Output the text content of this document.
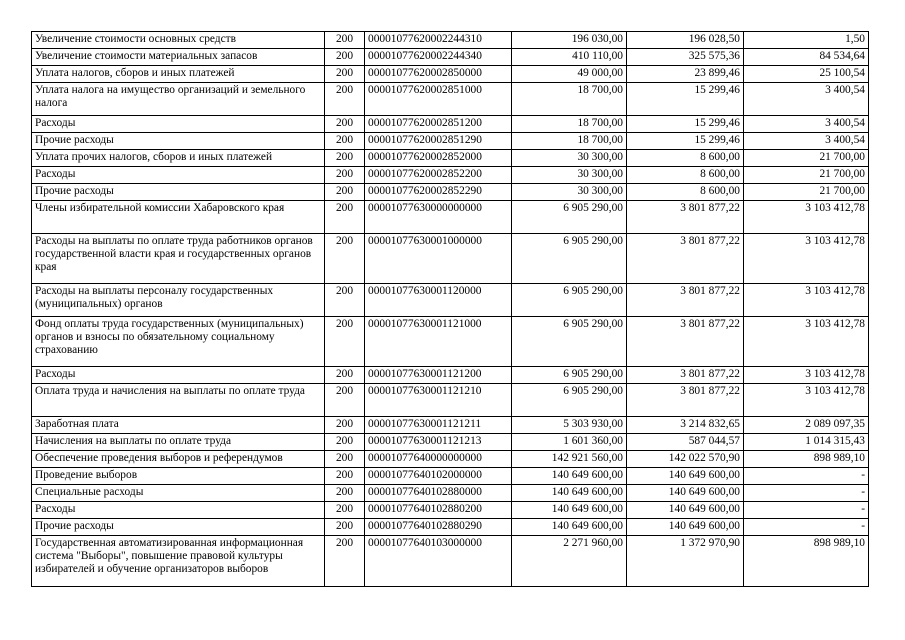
Увеличение стоимости основных средств	200	00001077620002244310	196 030,00	196 028,50	1,50
Увеличение стоимости материальных запасов	200	00001077620002244340	410 110,00	325 575,36	84 534,64
Уплата налогов, сборов и иных платежей	200	00001077620002850000	49 000,00	23 899,46	25 100,54
Уплата налога на имущество организаций и земельного налога	200	00001077620002851000	18 700,00	15 299,46	3 400,54
Расходы	200	00001077620002851200	18 700,00	15 299,46	3 400,54
Прочие расходы	200	00001077620002851290	18 700,00	15 299,46	3 400,54
Уплата прочих налогов, сборов и иных платежей	200	00001077620002852000	30 300,00	8 600,00	21 700,00
Расходы	200	00001077620002852200	30 300,00	8 600,00	21 700,00
Прочие расходы	200	00001077620002852290	30 300,00	8 600,00	21 700,00
Члены избирательной комиссии Хабаровского края	200	00001077630000000000	6 905 290,00	3 801 877,22	3 103 412,78
Расходы на выплаты по оплате труда работников органов государственной власти края и государственных органов края	200	00001077630001000000	6 905 290,00	3 801 877,22	3 103 412,78
Расходы на выплаты персоналу государственных (муниципальных) органов	200	00001077630001120000	6 905 290,00	3 801 877,22	3 103 412,78
Фонд оплаты труда государственных (муниципальных) органов и взносы по обязательному социальному страхованию	200	00001077630001121000	6 905 290,00	3 801 877,22	3 103 412,78
Расходы	200	00001077630001121200	6 905 290,00	3 801 877,22	3 103 412,78
Оплата труда и начисления на выплаты по оплате труда	200	00001077630001121210	6 905 290,00	3 801 877,22	3 103 412,78
Заработная плата	200	00001077630001121211	5 303 930,00	3 214 832,65	2 089 097,35
Начисления на выплаты по оплате труда	200	00001077630001121213	1 601 360,00	587 044,57	1 014 315,43
Обеспечение проведения выборов и референдумов	200	00001077640000000000	142 921 560,00	142 022 570,90	898 989,10
Проведение выборов	200	00001077640102000000	140 649 600,00	140 649 600,00	-
Специальные расходы	200	00001077640102880000	140 649 600,00	140 649 600,00	-
Расходы	200	00001077640102880200	140 649 600,00	140 649 600,00	-
Прочие расходы	200	00001077640102880290	140 649 600,00	140 649 600,00	-
Государственная автоматизированная информационная система "Выборы", повышение правовой культуры избирателей и обучение организаторов выборов	200	00001077640103000000	2 271 960,00	1 372 970,90	898 989,10
